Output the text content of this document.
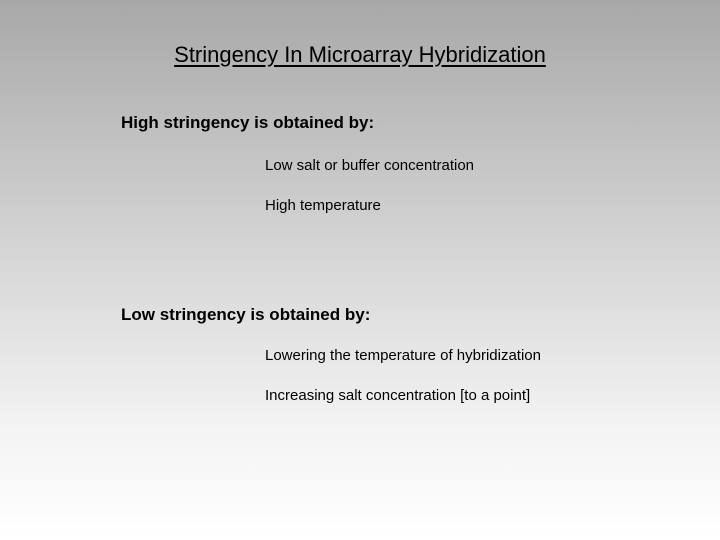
Stringency In Microarray Hybridization

High stringency is obtained by:

Low salt or buffer concentration

High temperature

Low stringency is obtained by:

Lowering the temperature of hybridization

Increasing salt concentration [to a point]
